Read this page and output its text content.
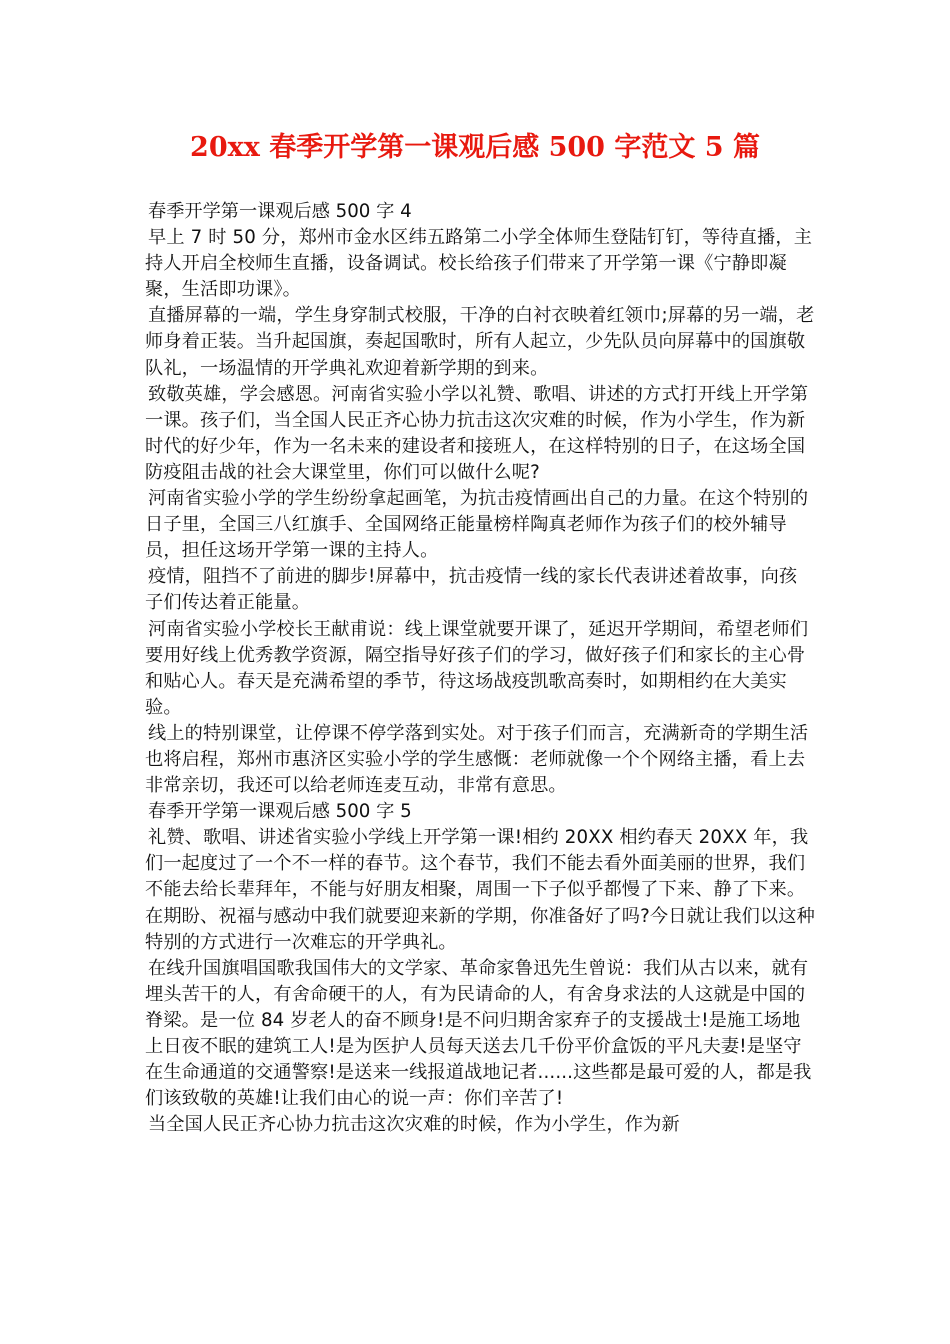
20xx 春季开学第一课观后感 500 字范文 5 篇

春季开学第一课观后感 500 字 4

早上 7 时 50 分，郑州市金水区纬五路第二小学全体师生登陆钉钉，等待直播，主持人开启全校师生直播，设备调试。校长给孩子们带来了开学第一课《宁静即凝聚，生活即功课》。

直播屏幕的一端，学生身穿制式校服，干净的白衬衣映着红领巾;屏幕的另一端，老师身着正装。当升起国旗，奏起国歌时，所有人起立，少先队员向屏幕中的国旗敬队礼，一场温情的开学典礼欢迎着新学期的到来。

致敬英雄，学会感恩。河南省实验小学以礼赞、歌唱、讲述的方式打开线上开学第一课。孩子们，当全国人民正齐心协力抗击这次灾难的时候，作为小学生，作为新时代的好少年，作为一名未来的建设者和接班人，在这样特别的日子，在这场全国防疫阻击战的社会大课堂里，你们可以做什么呢?

河南省实验小学的学生纷纷拿起画笔，为抗击疫情画出自己的力量。在这个特别的日子里，全国三八红旗手、全国网络正能量榜样陶真老师作为孩子们的校外辅导员，担任这场开学第一课的主持人。

疫情，阻挡不了前进的脚步!屏幕中，抗击疫情一线的家长代表讲述着故事，向孩子们传达着正能量。

河南省实验小学校长王献甫说：线上课堂就要开课了，延迟开学期间，希望老师们要用好线上优秀教学资源，隔空指导好孩子们的学习，做好孩子们和家长的主心骨和贴心人。春天是充满希望的季节，待这场战疫凯歌高奏时，如期相约在大美实验。

线上的特别课堂，让停课不停学落到实处。对于孩子们而言，充满新奇的学期生活也将启程，郑州市惠济区实验小学的学生感慨：老师就像一个个网络主播，看上去非常亲切，我还可以给老师连麦互动，非常有意思。

春季开学第一课观后感 500 字 5

礼赞、歌唱、讲述省实验小学线上开学第一课!相约 20XX 相约春天 20XX 年，我们一起度过了一个不一样的春节。这个春节，我们不能去看外面美丽的世界，我们不能去给长辈拜年，不能与好朋友相聚，周围一下子似乎都慢了下来、静了下来。在期盼、祝福与感动中我们就要迎来新的学期，你准备好了吗?今日就让我们以这种特别的方式进行一次难忘的开学典礼。

在线升国旗唱国歌我国伟大的文学家、革命家鲁迅先生曾说：我们从古以来，就有埋头苦干的人，有舍命硬干的人，有为民请命的人，有舍身求法的人这就是中国的脊梁。是一位 84 岁老人的奋不顾身!是不问归期舍家弃子的支援战士!是施工场地上日夜不眠的建筑工人!是为医护人员每天送去几千份平价盒饭的平凡夫妻!是坚守在生命通道的交通警察!是送来一线报道战地记者......这些都是最可爱的人，都是我们该致敬的英雄!让我们由心的说一声：你们辛苦了!

当全国人民正齐心协力抗击这次灾难的时候，作为小学生，作为新
